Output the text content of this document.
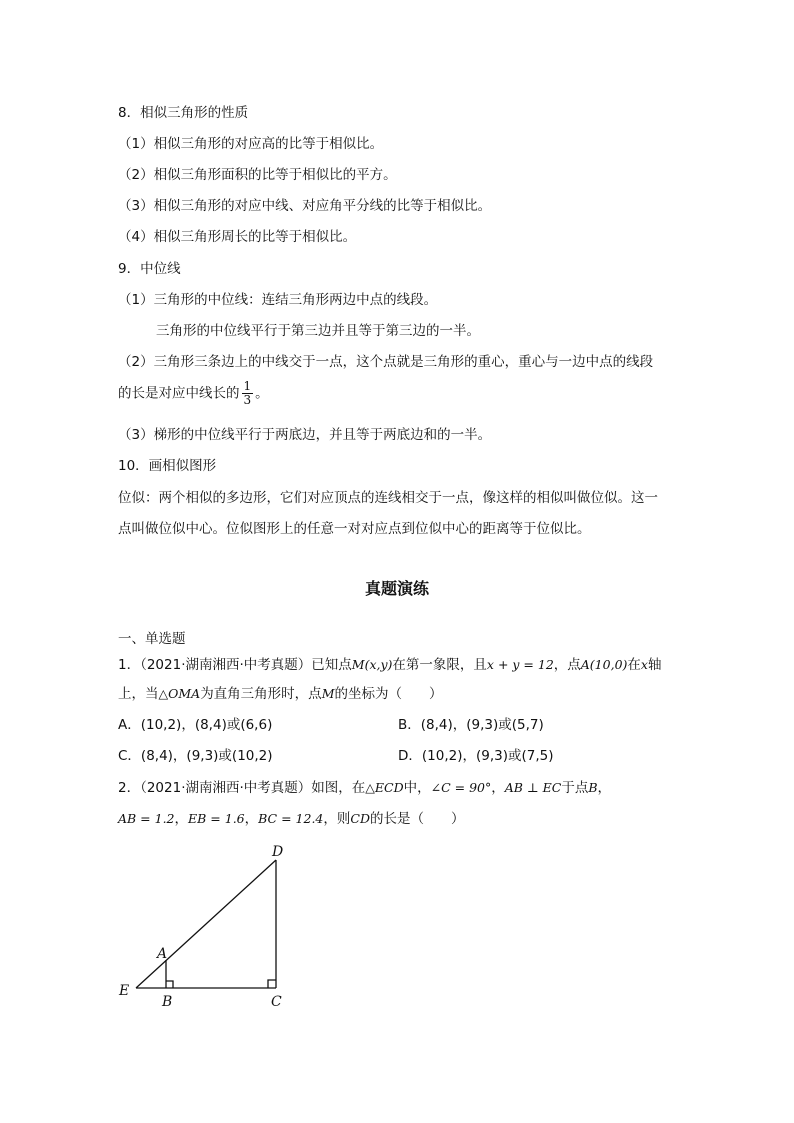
8．相似三角形的性质
（1）相似三角形的对应高的比等于相似比。
（2）相似三角形面积的比等于相似比的平方。
（3）相似三角形的对应中线、对应角平分线的比等于相似比。
（4）相似三角形周长的比等于相似比。
9．中位线
（1）三角形的中位线：连结三角形两边中点的线段。
三角形的中位线平行于第三边并且等于第三边的一半。
（2）三角形三条边上的中线交于一点，这个点就是三角形的重心，重心与一边中点的线段
的长是对应中线长的 $\frac{1}{3}$ 。
（3）梯形的中位线平行于两底边，并且等于两底边和的一半。
10．画相似图形
位似：两个相似的多边形，它们对应顶点的连线相交于一点，像这样的相似叫做位似。这一
点叫做位似中心。位似图形上的任意一对对应点到位似中心的距离等于位似比。
真题演练
一、单选题
1．（2021·湖南湘西·中考真题）已知点M(x,y)在第一象限，且x + y = 12，点A(10,0)在x轴
上，当△OMA为直角三角形时，点M的坐标为（　　）
A．(10,2)，(8,4)或(6,6)	B．(8,4)，(9,3)或(5,7)
C．(8,4)，(9,3)或(10,2)	D．(10,2)，(9,3)或(7,5)
2．（2021·湖南湘西·中考真题）如图，在△ECD中，∠C = 90°，AB ⊥ EC于点B，
AB = 1.2，EB = 1.6，BC = 12.4，则CD的长是（　　）
D
A
E
B	C
